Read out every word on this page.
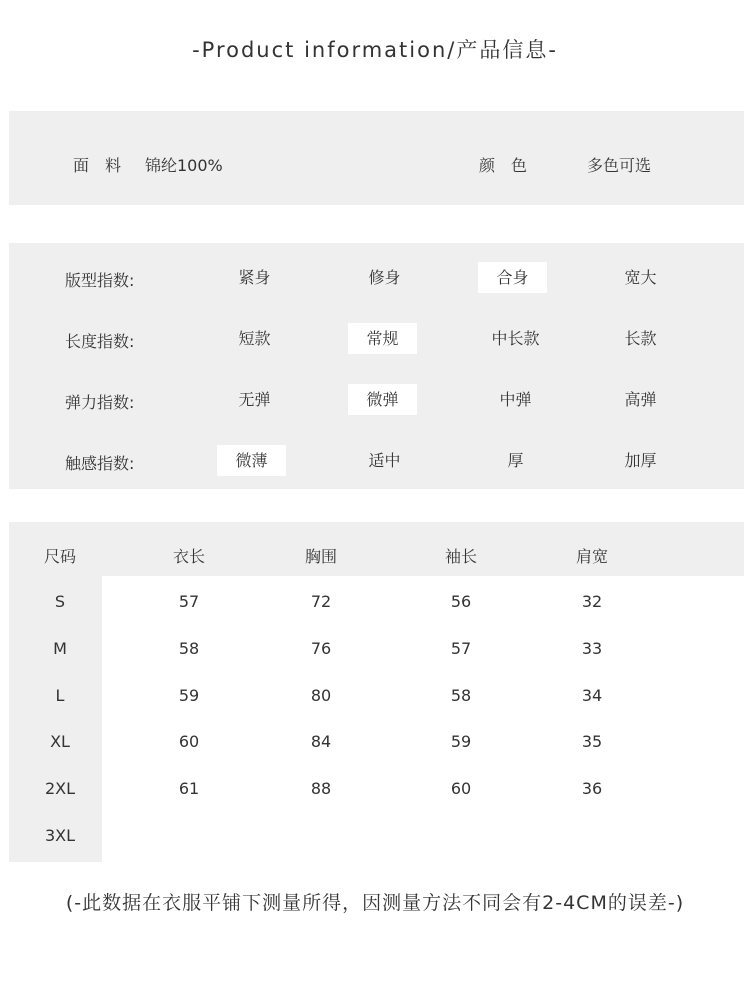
-Product information/产品信息-
面　料 锦纶100%	颜　色	多色可选
版型指数:	紧身	修身	合身	宽大
长度指数:	短款	常规	中长款	长款
弹力指数:	无弹	微弹	中弹	高弹
触感指数:	微薄	适中	厚	加厚
尺码	衣长	胸围	袖长	肩宽
S	57	72	56	32
M	58	76	57	33
L	59	80	58	34
XL	60	84	59	35
2XL	61	88	60	36
3XL
(-此数据在衣服平铺下测量所得，因测量方法不同会有2-4CM的误差-)
